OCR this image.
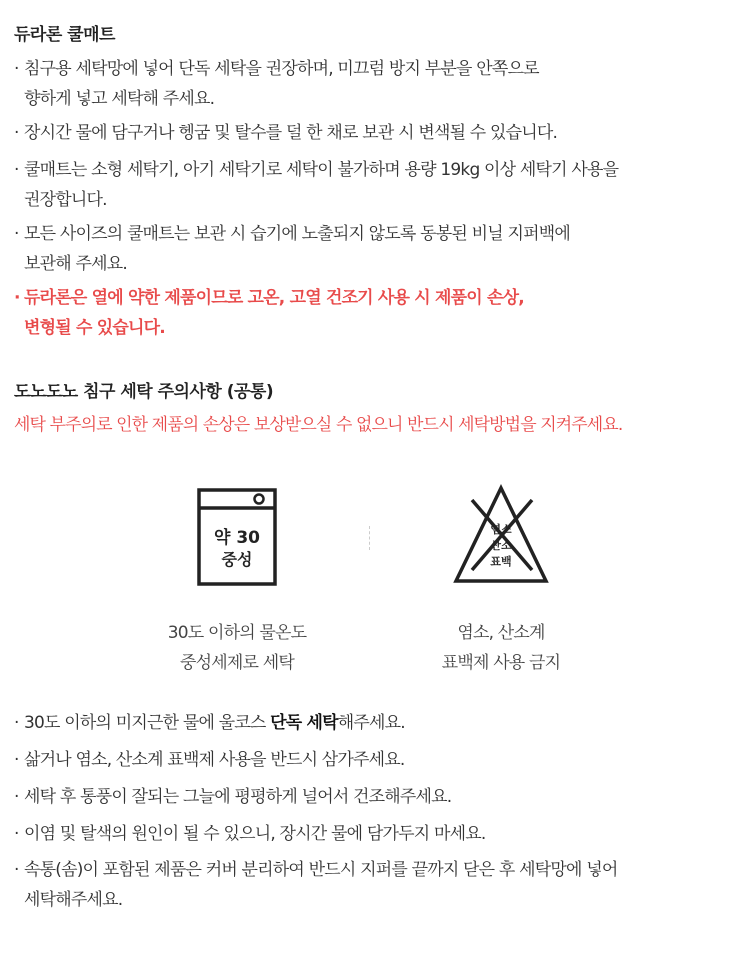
듀라론 쿨매트
· 침구용 세탁망에 넣어 단독 세탁을 권장하며, 미끄럼 방지 부분을 안쪽으로
향하게 넣고 세탁해 주세요.
· 장시간 물에 담구거나 헹굼 및 탈수를 덜 한 채로 보관 시 변색될 수 있습니다.
· 쿨매트는 소형 세탁기, 아기 세탁기로 세탁이 불가하며 용량 19kg 이상 세탁기 사용을
권장합니다.
· 모든 사이즈의 쿨매트는 보관 시 습기에 노출되지 않도록 동봉된 비닐 지퍼백에
보관해 주세요.
· 듀라론은 열에 약한 제품이므로 고온, 고열 건조기 사용 시 제품이 손상,
변형될 수 있습니다.
도노도노 침구 세탁 주의사항 (공통)
세탁 부주의로 인한 제품의 손상은 보상받으실 수 없으니 반드시 세탁방법을 지켜주세요.
약 30
중성
염소
산소
표백
30도 이하의 물온도
중성세제로 세탁
염소, 산소계
표백제 사용 금지
· 30도 이하의 미지근한 물에 울코스 단독 세탁해주세요.
· 삶거나 염소, 산소계 표백제 사용을 반드시 삼가주세요.
· 세탁 후 통풍이 잘되는 그늘에 평평하게 널어서 건조해주세요.
· 이염 및 탈색의 원인이 될 수 있으니, 장시간 물에 담가두지 마세요.
· 속통(솜)이 포함된 제품은 커버 분리하여 반드시 지퍼를 끝까지 닫은 후 세탁망에 넣어
세탁해주세요.
